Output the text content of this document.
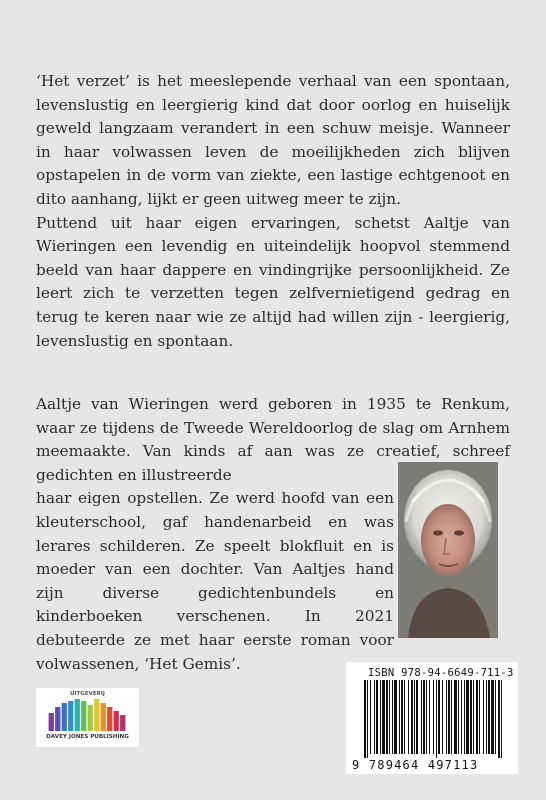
‘Het verzet’ is het meeslepende verhaal van een spontaan, levenslustig en leergierig kind dat door oorlog en huiselijk geweld langzaam verandert in een schuw meisje. Wanneer in haar volwassen leven de moeilijkheden zich blijven opstapelen in de vorm van ziekte, een lastige echtgenoot en dito aanhang, lijkt er geen uitweg meer te zijn.

Puttend uit haar eigen ervaringen, schetst Aaltje van Wieringen een levendig en uiteindelijk hoopvol stemmend beeld van haar dappere en vindingrijke persoonlijkheid. Ze leert zich te verzetten tegen zelfvernietigend gedrag en terug te keren naar wie ze altijd had willen zijn - leergierig, levenslustig en spontaan.

Aaltje van Wieringen werd geboren in 1935 te Renkum, waar ze tijdens de Tweede Wereldoorlog de slag om Arnhem meemaakte. Van kinds af aan was ze creatief, schreef gedichten en illustreerde
haar eigen opstellen. Ze werd hoofd van een kleuterschool, gaf handenarbeid en was lerares schilderen. Ze speelt blokfluit en is moeder van een dochter. Van Aaltjes hand zijn diverse gedichtenbundels en kinderboeken verschenen. In 2021 debuteerde ze met haar eerste roman voor volwassenen, ‘Het Gemis’.

UITGEVERIJ
DAVEY JONES PUBLISHING
ISBN 978-94-6649-711-3
9 789464 497113
